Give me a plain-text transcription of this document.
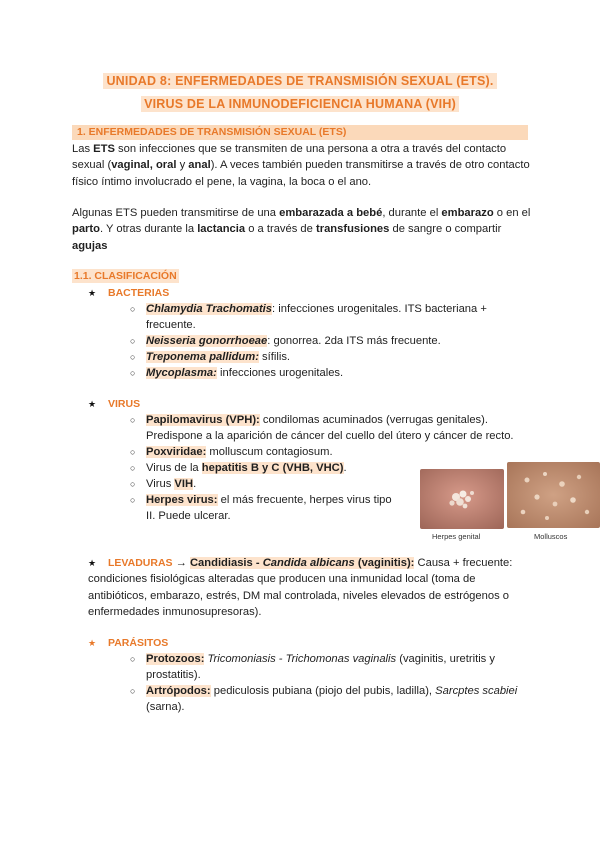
UNIDAD 8: ENFERMEDADES DE TRANSMISIÓN SEXUAL (ETS).
VIRUS DE LA INMUNODEFICIENCIA HUMANA (VIH)
1. ENFERMEDADES DE TRANSMISIÓN SEXUAL (ETS)
Las ETS son infecciones que se transmiten de una persona a otra a través del contacto sexual (vaginal, oral y anal). A veces también pueden transmitirse a través de otro contacto físico íntimo involucrado el pene, la vagina, la boca o el ano.
Algunas ETS pueden transmitirse de una embarazada a bebé, durante el embarazo o en el parto. Y otras durante la lactancia o a través de transfusiones de sangre o compartir agujas
1.1. CLASIFICACIÓN
★ BACTERIAS
○ Chlamydia Trachomatis: infecciones urogenitales. ITS bacteriana + frecuente.
○ Neisseria gonorrhoeae: gonorrea. 2da ITS más frecuente.
○ Treponema pallidum: sífilis.
○ Mycoplasma: infecciones urogenitales.
★ VIRUS
○ Papilomavirus (VPH): condilomas acuminados (verrugas genitales). Predispone a la aparición de cáncer del cuello del útero y cáncer de recto.
○ Poxviridae: molluscum contagiosum.
○ Virus de la hepatitis B y C (VHB, VHC).
○ Virus VIH.
○ Herpes virus: el más frecuente, herpes virus tipo II. Puede ulcerar.
Herpes genital	Molluscos
★ LEVADURAS → Candidiasis - Candida albicans (vaginitis): Causa + frecuente: condiciones fisiológicas alteradas que producen una inmunidad local (toma de antibióticos, embarazo, estrés, DM mal controlada, niveles elevados de estrógenos o enfermedades inmunosupresoras).
★ PARÁSITOS
○ Protozoos: Tricomoniasis - Trichomonas vaginalis (vaginitis, uretritis y prostatitis).
○ Artrópodos: pediculosis pubiana (piojo del pubis, ladilla), Sarcptes scabiei (sarna).
